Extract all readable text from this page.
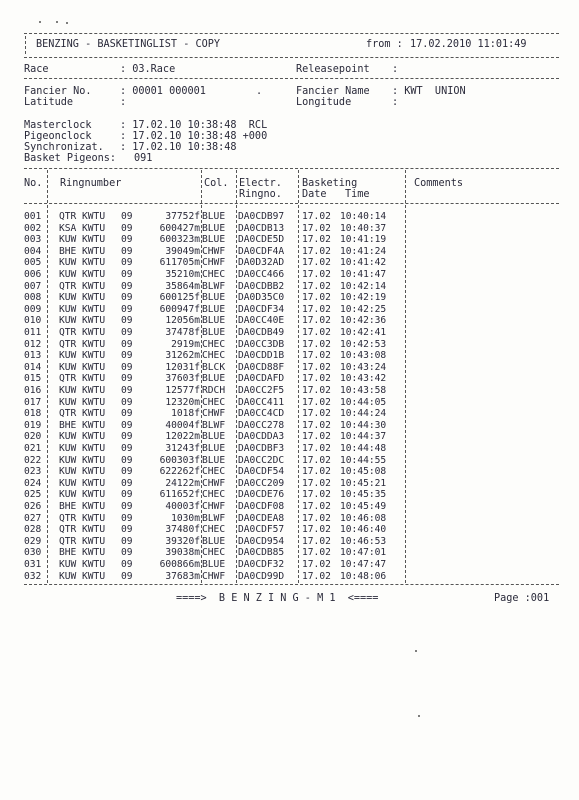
BENZING - BASKETINGLIST - COPY	from : 17.02.2010 11:01:49
Race	: 03.Race	Releasepoint :
Fancier No.	: 00001 000001	.	Fancier Name : KWT  UNION
Latitude	:	Longitude	:
Masterclock	: 17.02.10 10:38:48  RCL
Pigeonclock	: 17.02.10 10:38:48 +000
Synchronizat. : 17.02.10 10:38:48
Basket Pigeons: 091
No. Ringnumber	Col. Electr.
Ringno.
Basketing
Date Time
Comments
001 QTR KWTU 09	37752f BLUE DA0CDB97 17.02 10:40:14
002 KSA KWTU 09	600427m BLUE DA0CDB13 17.02 10:40:37
003 KUW KWTU 09	600323m BLUE DA0CDE5D 17.02 10:41:19
004 BHE KWTU 09	39049m CHWF DA0CDF4A 17.02 10:41:24
005 KUW KWTU 09	611705m CHWF DA0D32AD 17.02 10:41:42
006 KUW KWTU 09	35210m CHEC DA0CC466 17.02 10:41:47
007 QTR KWTU 09	35864m BLWF DA0CDBB2 17.02 10:42:14
008 KUW KWTU 09	600125f BLUE DA0D35C0 17.02 10:42:19
009 KUW KWTU 09	600947f BLUE DA0CDF34 17.02 10:42:25
010 KUW KWTU 09	12056m BLUE DA0CC40E 17.02 10:42:36
011 QTR KWTU 09	37478f BLUE DA0CDB49 17.02 10:42:41
012 QTR KWTU 09	2919m CHEC DA0CC3DB 17.02 10:42:53
013 KUW KWTU 09	31262m CHEC DA0CDD1B 17.02 10:43:08
014 KUW KWTU 09	12031f BLCK DA0CD88F 17.02 10:43:24
015 QTR KWTU 09	37603f BLUE DA0CDAFD 17.02 10:43:42
016 KUW KWTU 09	12577f RDCH DA0CC2F5 17.02 10:43:58
017 KUW KWTU 09	12320m CHEC DA0CC411 17.02 10:44:05
018 QTR KWTU 09	1018f CHWF DA0CC4CD 17.02 10:44:24
019 BHE KWTU 09	40004f BLWF DA0CC278 17.02 10:44:30
020 KUW KWTU 09	12022m BLUE DA0CDDA3 17.02 10:44:37
021 KUW KWTU 09	31243f BLUE DA0CDBF3 17.02 10:44:48
022 KUW KWTU 09	600303f BLUE DA0CC2DC 17.02 10:44:55
023 KUW KWTU 09	622262f CHEC DA0CDF54 17.02 10:45:08
024 KUW KWTU 09	24122m CHWF DA0CC209 17.02 10:45:21
025 KUW KWTU 09	611652f CHEC DA0CDE76 17.02 10:45:35
026 BHE KWTU 09	40003f CHWF DA0CDF08 17.02 10:45:49
027 QTR KWTU 09	1030m BLWF DA0CDEA8 17.02 10:46:08
028 QTR KWTU 09	37480f CHEC DA0CDF57 17.02 10:46:40
029 QTR KWTU 09	39320f BLUE DA0CD954 17.02 10:46:53
030 BHE KWTU 09	39038m CHEC DA0CDB85 17.02 10:47:01
031 KUW KWTU 09	600866m BLUE DA0CDF32 17.02 10:47:47
032 KUW KWTU 09	37683m CHWF DA0CD99D 17.02 10:48:06
====>  B E N Z I N G - M 1  <====	Page :001
